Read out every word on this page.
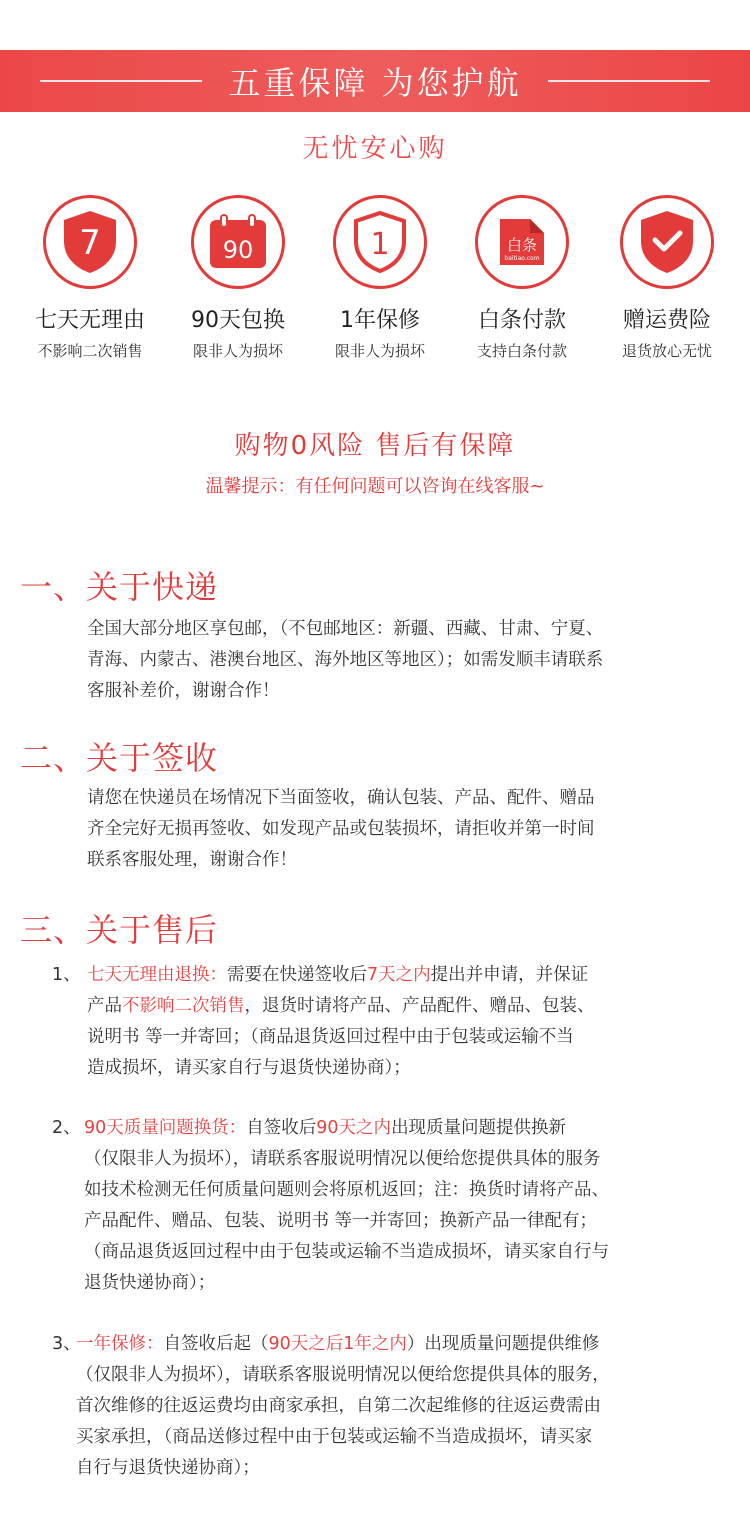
五重保障 为您护航
无忧安心购
7
七天无理由
不影响二次销售
90
90天包换
限非人为损坏
1
1年保修
限非人为损坏
白条
baitiao.com
白条付款
支持白条付款
赠运费险
退货放心无忧
购物0风险 售后有保障
温馨提示：有任何问题可以咨询在线客服~
一、关于快递
全国大部分地区享包邮，（不包邮地区：新疆、西藏、甘肃、宁夏、
青海、内蒙古、港澳台地区、海外地区等地区）；如需发顺丰请联系
客服补差价，谢谢合作！
二、关于签收
请您在快递员在场情况下当面签收，确认包装、产品、配件、赠品
齐全完好无损再签收、如发现产品或包装损坏，请拒收并第一时间
联系客服处理，谢谢合作！
三、关于售后
1、 七天无理由退换：需要在快递签收后7天之内提出并申请，并保证
产品不影响二次销售，退货时请将产品、产品配件、赠品、包装、
说明书 等一并寄回；（商品退货返回过程中由于包装或运输不当
造成损坏，请买家自行与退货快递协商）；
2、 90天质量问题换货：自签收后90天之内出现质量问题提供换新
（仅限非人为损坏），请联系客服说明情况以便给您提供具体的服务
如技术检测无任何质量问题则会将原机返回；注：换货时请将产品、
产品配件、赠品、包装、说明书 等一并寄回；换新产品一律配有；
（商品退货返回过程中由于包装或运输不当造成损坏，请买家自行与
退货快递协商）；
3、
一年保修：自签收后起（90天之后1年之内）出现质量问题提供维修
（仅限非人为损坏），请联系客服说明情况以便给您提供具体的服务，
首次维修的往返运费均由商家承担，自第二次起维修的往返运费需由
买家承担，（商品送修过程中由于包装或运输不当造成损坏，请买家
自行与退货快递协商）；
